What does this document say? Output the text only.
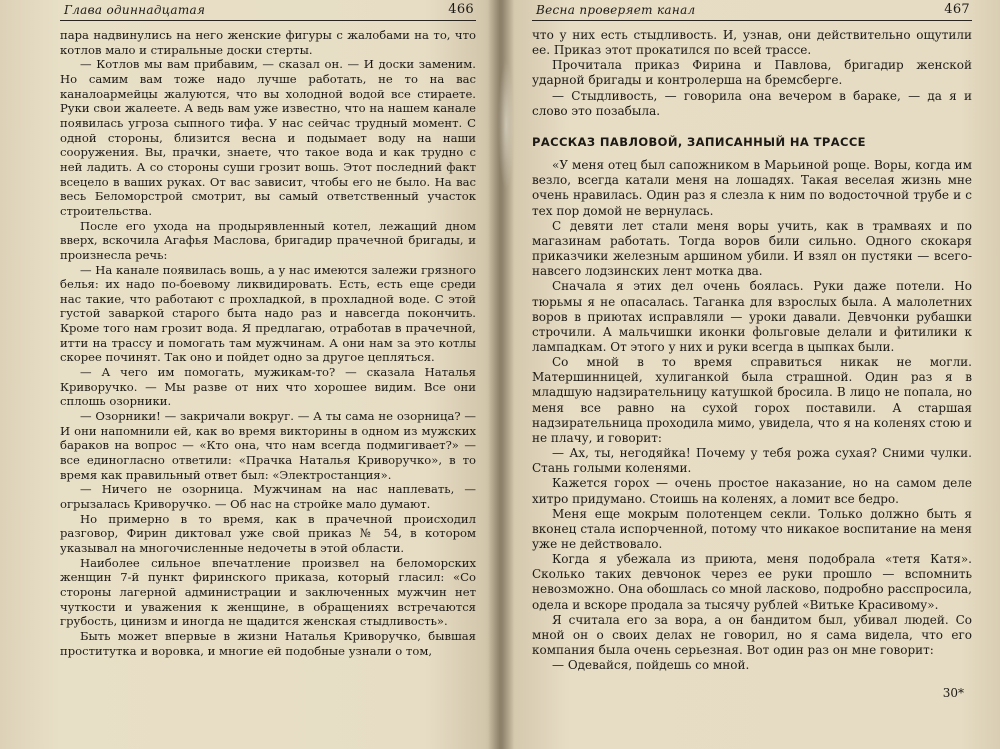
Глава одиннадцатая	466

пара надвинулись на него женские фигуры с жалобами на то, что котлов мало и стиральные доски стерты.

— Котлов мы вам прибавим, — сказал он. — И доски заменим. Но самим вам тоже надо лучше работать, не то на вас каналоармейцы жалуются, что вы холодной водой все стираете. Руки свои жалеете. А ведь вам уже известно, что на нашем канале появилась угроза сыпного тифа. У нас сейчас трудный момент. С одной стороны, близится весна и подымает воду на наши сооружения. Вы, прачки, знаете, что такое вода и как трудно с ней ладить. А со стороны суши грозит вошь. Этот последний факт всецело в ваших руках. От вас зависит, чтобы его не было. На вас весь Беломорстрой смотрит, вы самый ответственный участок строительства.

После его ухода на продырявленный котел, лежащий дном вверх, вскочила Агафья Маслова, бригадир прачечной бригады, и произнесла речь:

— На канале появилась вошь, а у нас имеются залежи грязного белья: их надо по-боевому ликвидировать. Есть, есть еще среди нас такие, что работают с прохладкой, в прохладной воде. С этой густой заваркой старого быта надо раз и навсегда покончить. Кроме того нам грозит вода. Я предлагаю, отработав в прачечной, итти на трассу и помогать там мужчинам. А они нам за это котлы скорее починят. Так оно и пойдет одно за другое цепляться.

— А чего им помогать, мужикам-то? — сказала Наталья Криворучко. — Мы разве от них что хорошее видим. Все они сплошь озорники.

— Озорники! — закричали вокруг. — А ты сама не озорница? — И они напомнили ей, как во время викторины в одном из мужских бараков на вопрос — «Кто она, что нам всегда подмигивает?» — все единогласно ответили: «Прачка Наталья Криворучко», в то время как правильный ответ был: «Электростанция».

— Ничего не озорница. Мужчинам на нас наплевать, — огрызалась Криворучко. — Об нас на стройке мало думают.

Но примерно в то время, как в прачечной происходил разговор, Фирин диктовал уже свой приказ № 54, в котором указывал на многочисленные недочеты в этой области.

Наиболее сильное впечатление произвел на беломорских женщин 7-й пункт фиринского приказа, который гласил: «Со стороны лагерной администрации и заключенных мужчин нет чуткости и уважения к женщине, в обращениях встречаются грубость, цинизм и иногда не щадится женская стыдливость».

Быть может впервые в жизни Наталья Криворучко, бывшая проститутка и воровка, и многие ей подобные узнали о том,

Весна проверяет канал	467

что у них есть стыдливость. И, узнав, они действительно ощутили ее. Приказ этот прокатился по всей трассе.

Прочитала приказ Фирина и Павлова, бригадир женской ударной бригады и контролерша на бремсберге.

— Стыдливость, — говорила она вечером в бараке, — да я и слово это позабыла.

РАССКАЗ ПАВЛОВОЙ, ЗАПИСАННЫЙ НА ТРАССЕ

«У меня отец был сапожником в Марьиной роще. Воры, когда им везло, всегда катали меня на лошадях. Такая веселая жизнь мне очень нравилась. Один раз я слезла к ним по водосточной трубе и с тех пор домой не вернулась.

С девяти лет стали меня воры учить, как в трамваях и по магазинам работать. Тогда воров били сильно. Одного скокаря приказчики железным аршином убили. И взял он пустяки — всего-навсего лодзинских лент мотка два.

Сначала я этих дел очень боялась. Руки даже потели. Но тюрьмы я не опасалась. Таганка для взрослых была. А малолетних воров в приютах исправляли — уроки давали. Девчонки рубашки строчили. А мальчишки иконки фольговые делали и фитилики к лампадкам. От этого у них и руки всегда в цыпках были.

Со мной в то время справиться никак не могли. Матершинницей, хулиганкой была страшной. Один раз я в младшую надзирательницу катушкой бросила. В лицо не попала, но меня все равно на сухой горох поставили. А старшая надзирательница проходила мимо, увидела, что я на коленях стою и не плачу, и говорит:

— Ах, ты, негодяйка! Почему у тебя рожа сухая? Сними чулки. Стань голыми коленями.

Кажется горох — очень простое наказание, но на самом деле хитро придумано. Стоишь на коленях, а ломит все бедро.

Меня еще мокрым полотенцем секли. Только должно быть я вконец стала испорченной, потому что никакое воспитание на меня уже не действовало.

Когда я убежала из приюта, меня подобрала «тетя Катя». Сколько таких девчонок через ее руки прошло — вспомнить невозможно. Она обошлась со мной ласково, подробно расспросила, одела и вскоре продала за тысячу рублей «Витьке Красивому».

Я считала его за вора, а он бандитом был, убивал людей. Со мной он о своих делах не говорил, но я сама видела, что его компания была очень серьезная. Вот один раз он мне говорит:

— Одевайся, пойдешь со мной.

30*
